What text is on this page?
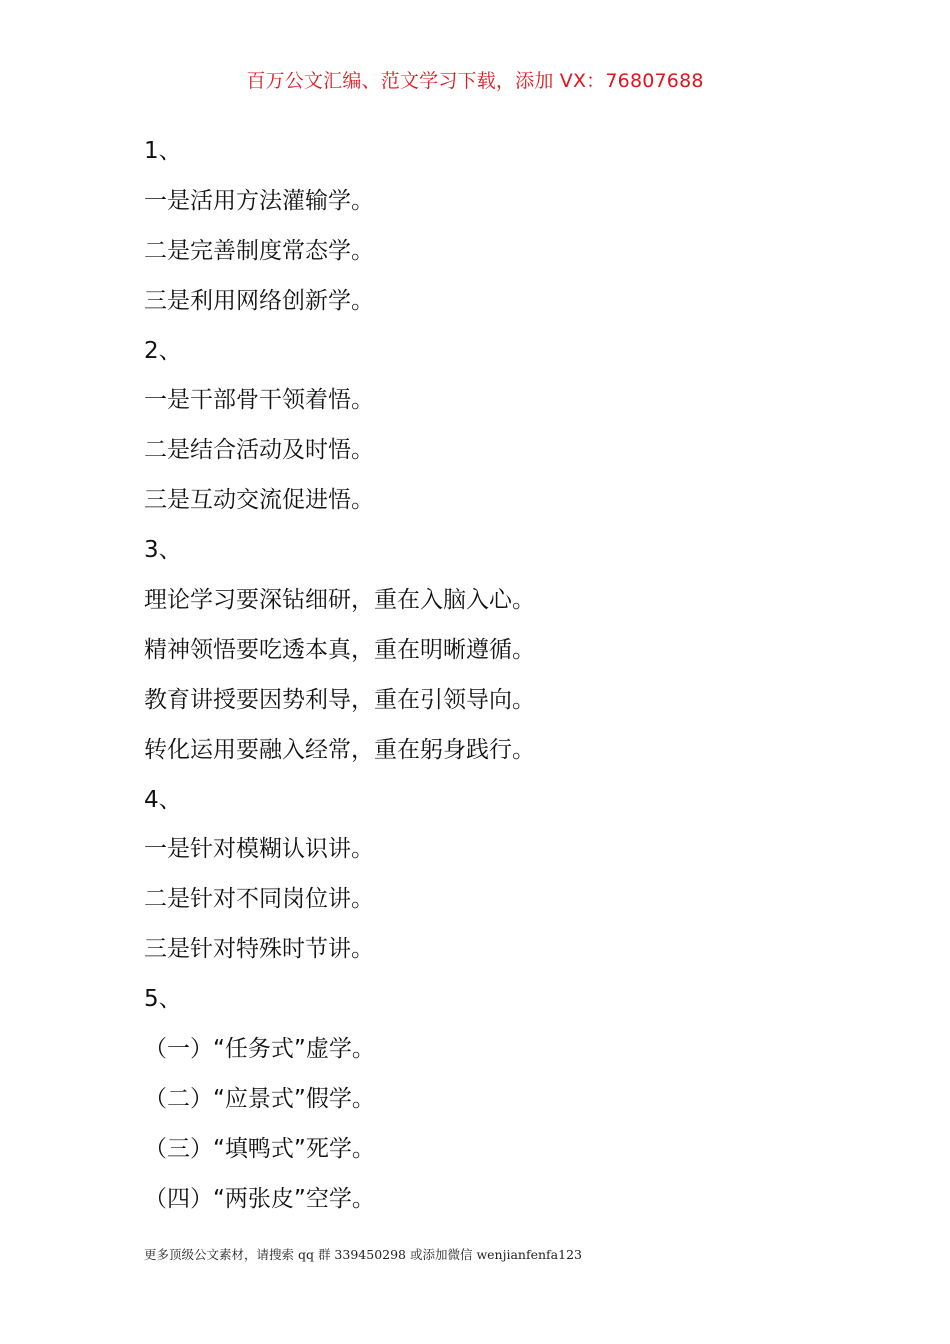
百万公文汇编、范文学习下载，添加 VX：76807688
1、
一是活用方法灌输学。
二是完善制度常态学。
三是利用网络创新学。
2、
一是干部骨干领着悟。
二是结合活动及时悟。
三是互动交流促进悟。
3、
理论学习要深钻细研，重在入脑入心。
精神领悟要吃透本真，重在明晰遵循。
教育讲授要因势利导，重在引领导向。
转化运用要融入经常，重在躬身践行。
4、
一是针对模糊认识讲。
二是针对不同岗位讲。
三是针对特殊时节讲。
5、
（一）“任务式”虚学。
（二）“应景式”假学。
（三）“填鸭式”死学。
（四）“两张皮”空学。
更多顶级公文素材，请搜索 qq 群 339450298 或添加微信 wenjianfenfa123
